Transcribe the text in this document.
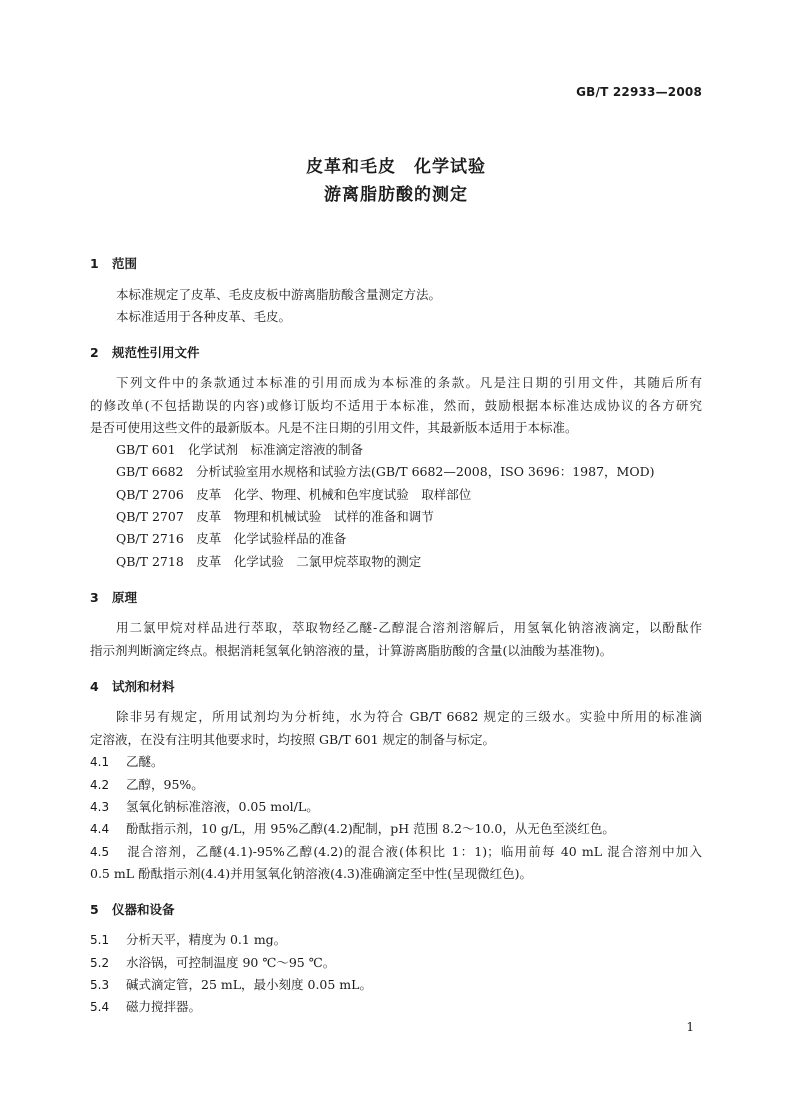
GB/T 22933—2008
皮革和毛皮　化学试验
游离脂肪酸的测定
1 范围
本标准规定了皮革、毛皮皮板中游离脂肪酸含量测定方法。
本标准适用于各种皮革、毛皮。
2 规范性引用文件
下列文件中的条款通过本标准的引用而成为本标准的条款。凡是注日期的引用文件，其随后所有
的修改单(不包括勘误的内容)或修订版均不适用于本标准，然而，鼓励根据本标准达成协议的各方研究
是否可使用这些文件的最新版本。凡是不注日期的引用文件，其最新版本适用于本标准。
GB/T 601　化学试剂　标准滴定溶液的制备
GB/T 6682　分析试验室用水规格和试验方法(GB/T 6682—2008，ISO 3696：1987，MOD)
QB/T 2706　皮革　化学、物理、机械和色牢度试验　取样部位
QB/T 2707　皮革　物理和机械试验　试样的准备和调节
QB/T 2716　皮革　化学试验样品的准备
QB/T 2718　皮革　化学试验　二氯甲烷萃取物的测定
3 原理
用二氯甲烷对样品进行萃取，萃取物经乙醚-乙醇混合溶剂溶解后，用氢氧化钠溶液滴定，以酚酞作
指示剂判断滴定终点。根据消耗氢氧化钠溶液的量，计算游离脂肪酸的含量(以油酸为基准物)。
4 试剂和材料
除非另有规定，所用试剂均为分析纯，水为符合 GB/T 6682 规定的三级水。实验中所用的标准滴
定溶液，在没有注明其他要求时，均按照 GB/T 601 规定的制备与标定。
4.1 乙醚。
4.2 乙醇，95%。
4.3 氢氧化钠标准溶液，0.05 mol/L。
4.4 酚酞指示剂，10 g/L，用 95%乙醇(4.2)配制，pH 范围 8.2～10.0，从无色至淡红色。
4.5 混合溶剂，乙醚(4.1)-95%乙醇(4.2)的混合液(体积比 1：1)；临用前每 40 mL 混合溶剂中加入
0.5 mL 酚酞指示剂(4.4)并用氢氧化钠溶液(4.3)准确滴定至中性(呈现微红色)。
5 仪器和设备
5.1 分析天平，精度为 0.1 mg。
5.2 水浴锅，可控制温度 90 ℃～95 ℃。
5.3 碱式滴定管，25 mL，最小刻度 0.05 mL。
5.4 磁力搅拌器。
1
